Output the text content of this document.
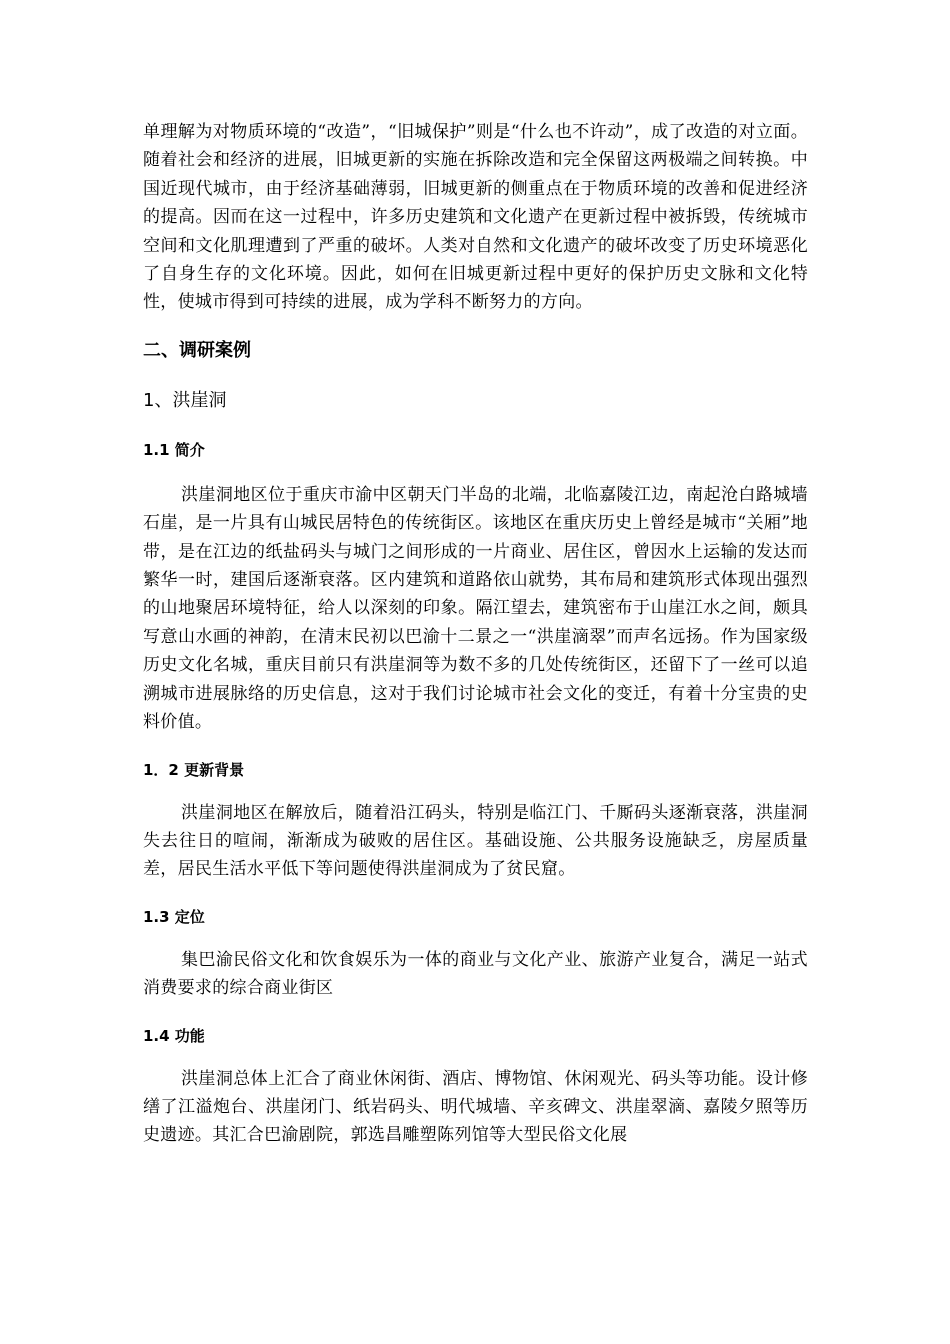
单理解为对物质环境的“改造”，“旧城保护”则是“什么也不许动”，成了改造的对立面。随着社会和经济的进展，旧城更新的实施在拆除改造和完全保留这两极端之间转换。中国近现代城市，由于经济基础薄弱，旧城更新的侧重点在于物质环境的改善和促进经济的提高。因而在这一过程中，许多历史建筑和文化遗产在更新过程中被拆毁，传统城市空间和文化肌理遭到了严重的破坏。人类对自然和文化遗产的破坏改变了历史环境恶化了自身生存的文化环境。因此，如何在旧城更新过程中更好的保护历史文脉和文化特性，使城市得到可持续的进展，成为学科不断努力的方向。

二、调研案例
1、洪崖洞
1.1 简介

洪崖洞地区位于重庆市渝中区朝天门半岛的北端，北临嘉陵江边，南起沧白路城墙石崖，是一片具有山城民居特色的传统街区。该地区在重庆历史上曾经是城市“关厢”地带，是在江边的纸盐码头与城门之间形成的一片商业、居住区，曾因水上运输的发达而繁华一时，建国后逐渐衰落。区内建筑和道路依山就势，其布局和建筑形式体现出强烈的山地聚居环境特征，给人以深刻的印象。隔江望去，建筑密布于山崖江水之间，颇具写意山水画的神韵，在清末民初以巴渝十二景之一“洪崖滴翠”而声名远扬。作为国家级历史文化名城，重庆目前只有洪崖洞等为数不多的几处传统街区，还留下了一丝可以追溯城市进展脉络的历史信息，这对于我们讨论城市社会文化的变迁，有着十分宝贵的史料价值。

1．2 更新背景

洪崖洞地区在解放后，随着沿江码头，特别是临江门、千厮码头逐渐衰落，洪崖洞失去往日的喧闹，渐渐成为破败的居住区。基础设施、公共服务设施缺乏，房屋质量差，居民生活水平低下等问题使得洪崖洞成为了贫民窟。

1.3 定位

集巴渝民俗文化和饮食娱乐为一体的商业与文化产业、旅游产业复合，满足一站式消费要求的综合商业街区

1.4 功能

洪崖洞总体上汇合了商业休闲街、酒店、博物馆、休闲观光、码头等功能。设计修缮了江溢炮台、洪崖闭门、纸岩码头、明代城墙、辛亥碑文、洪崖翠滴、嘉陵夕照等历史遗迹。其汇合巴渝剧院，郭选昌雕塑陈列馆等大型民俗文化展
